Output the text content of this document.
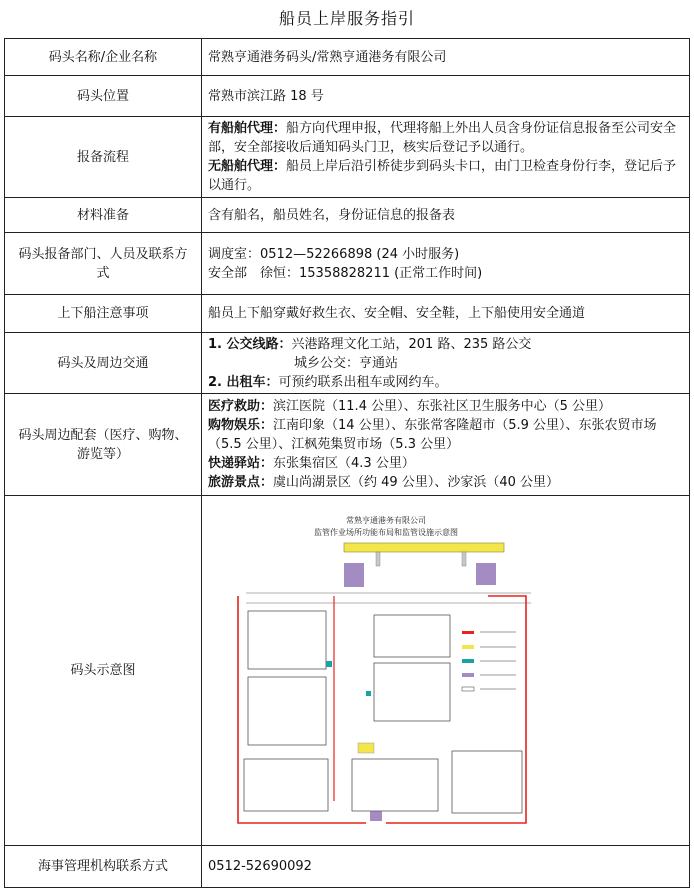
船员上岸服务指引
码头名称/企业名称	常熟亨通港务码头/常熟亨通港务有限公司
码头位置	常熟市滨江路 18 号
报备流程	有船舶代理：船方向代理申报，代理将船上外出人员含身份证信息报备至公司安全部，安全部接收后通知码头门卫，核实后登记予以通行。
无船舶代理：船员上岸后沿引桥徒步到码头卡口，由门卫检查身份行李，登记后予以通行。
材料准备	含有船名，船员姓名，身份证信息的报备表
码头报备部门、人员及联系方式	调度室：0512—52266898 (24 小时服务)
安全部　徐恒：15358828211 (正常工作时间)

上下船注意事项	船员上下船穿戴好救生衣、安全帽、安全鞋，上下船使用安全通道
码头及周边交通	1. 公交线路：兴港路理文化工站，201 路、235 路公交
城乡公交：亨通站
2. 出租车：可预约联系出租车或网约车。

码头周边配套（医疗、购物、游览等）	医疗救助：滨江医院（11.4 公里）、东张社区卫生服务中心（5 公里）
购物娱乐：江南印象（14 公里）、东张常客隆超市（5.9 公里）、东张农贸市场（5.5 公里）、江枫苑集贸市场（5.3 公里）
快递驿站：东张集宿区（4.3 公里）
旅游景点：虞山尚湖景区（约 49 公里）、沙家浜（40 公里）
码头示意图	常熟亨通港务有限公司
监管作业场所功能布局和监管设施示意图

海事管理机构联系方式	0512-52690092
